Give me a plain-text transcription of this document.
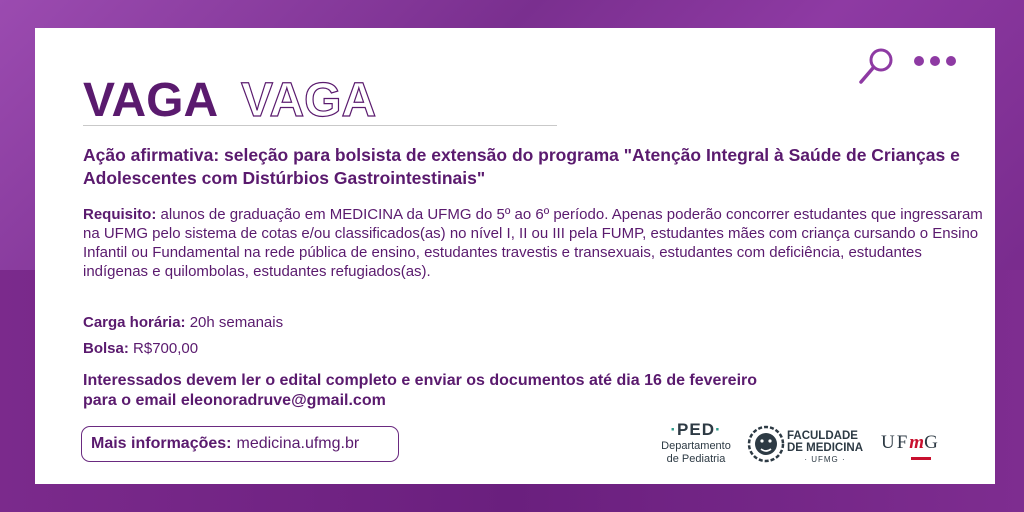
VAGA VAGA
Ação afirmativa: seleção para bolsista de extensão do programa "Atenção Integral à Saúde de Crianças e Adolescentes com Distúrbios Gastrointestinais"
Requisito: alunos de graduação em MEDICINA da UFMG do 5º ao 6º período. Apenas poderão concorrer estudantes que ingressaram na UFMG pelo sistema de cotas e/ou classificados(as) no nível I, II ou III pela FUMP, estudantes mães com criança cursando o Ensino Infantil ou Fundamental na rede pública de ensino, estudantes travestis e transexuais, estudantes com deficiência, estudantes indígenas e quilombolas, estudantes refugiados(as).
Carga horária: 20h semanais
Bolsa: R$700,00
Interessados devem ler o edital completo e enviar os documentos até dia 16 de fevereiro
para o email eleonoradruve@gmail.com
Mais informações: medicina.ufmg.br
·PED·
Departamento
de Pediatria
FACULDADE
DE MEDICINA
· UFMG ·
UFmG
